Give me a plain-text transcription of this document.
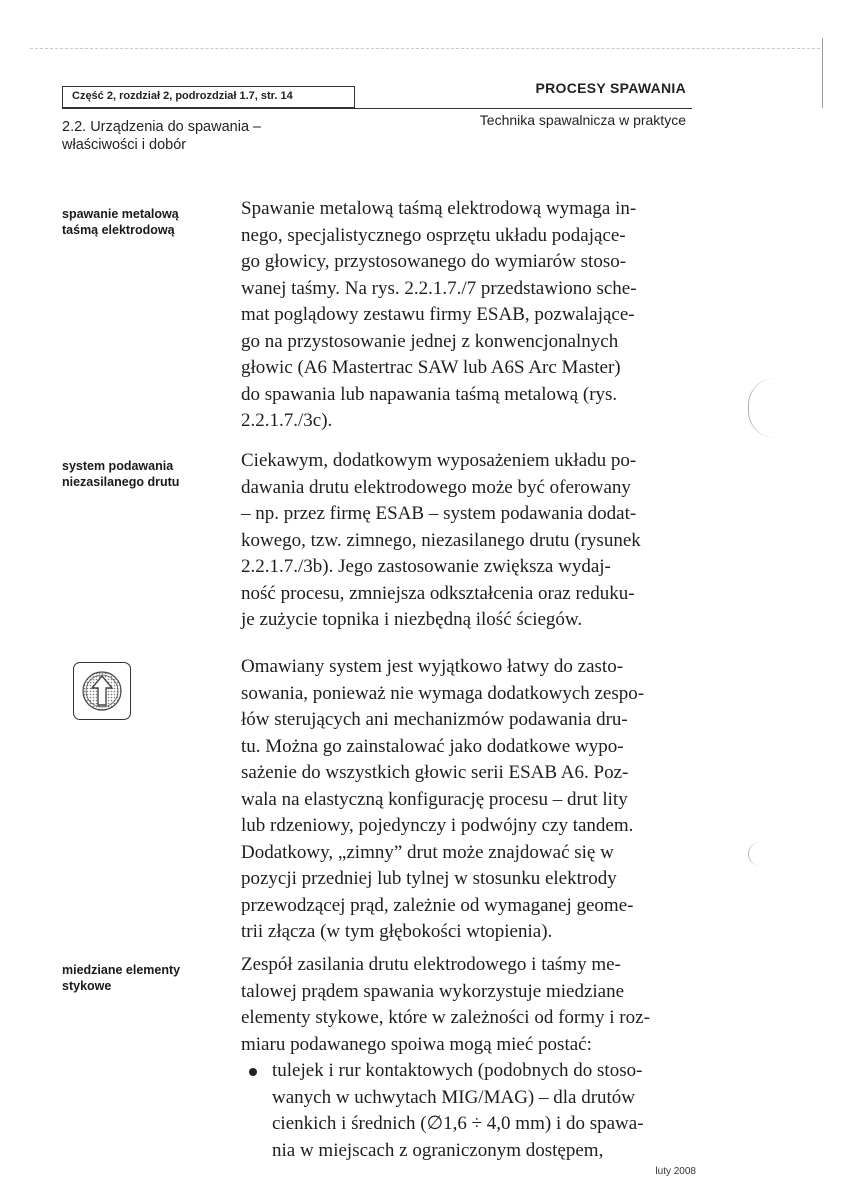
Część 2, rozdział 2, podrozdział 1.7, str. 14	PROCESY SPAWANIA
2.2. Urządzenia do spawania –
właściwości i dobór
Technika spawalnicza w praktyce
spawanie metalową
taśmą elektrodową
Spawanie metalową taśmą elektrodową wymaga in-
nego, specjalistycznego osprzętu układu podające-
go głowicy, przystosowanego do wymiarów stoso-
wanej taśmy. Na rys. 2.2.1.7./7 przedstawiono sche-
mat poglądowy zestawu firmy ESAB, pozwalające-
go na przystosowanie jednej z konwencjonalnych
głowic (A6 Mastertrac SAW lub A6S Arc Master)
do spawania lub napawania taśmą metalową (rys.
2.2.1.7./3c).
system podawania
niezasilanego drutu
Ciekawym, dodatkowym wyposażeniem układu po-
dawania drutu elektrodowego może być oferowany
– np. przez firmę ESAB – system podawania dodat-
kowego, tzw. zimnego, niezasilanego drutu (rysunek
2.2.1.7./3b). Jego zastosowanie zwiększa wydaj-
ność procesu, zmniejsza odkształcenia oraz reduku-
je zużycie topnika i niezbędną ilość ściegów.
Omawiany system jest wyjątkowo łatwy do zasto-
sowania, ponieważ nie wymaga dodatkowych zespo-
łów sterujących ani mechanizmów podawania dru-
tu. Można go zainstalować jako dodatkowe wypo-
sażenie do wszystkich głowic serii ESAB A6. Poz-
wala na elastyczną konfigurację procesu – drut lity
lub rdzeniowy, pojedynczy i podwójny czy tandem.
Dodatkowy, „zimny” drut może znajdować się w
pozycji przedniej lub tylnej w stosunku elektrody
przewodzącej prąd, zależnie od wymaganej geome-
trii złącza (w tym głębokości wtopienia).
miedziane elementy
stykowe
Zespół zasilania drutu elektrodowego i taśmy me-
talowej prądem spawania wykorzystuje miedziane
elementy stykowe, które w zależności od formy i roz-
miaru podawanego spoiwa mogą mieć postać:
tulejek i rur kontaktowych (podobnych do stoso-
wanych w uchwytach MIG/MAG) – dla drutów
cienkich i średnich (∅1,6 ÷ 4,0 mm) i do spawa-
nia w miejscach z ograniczonym dostępem,
luty 2008
